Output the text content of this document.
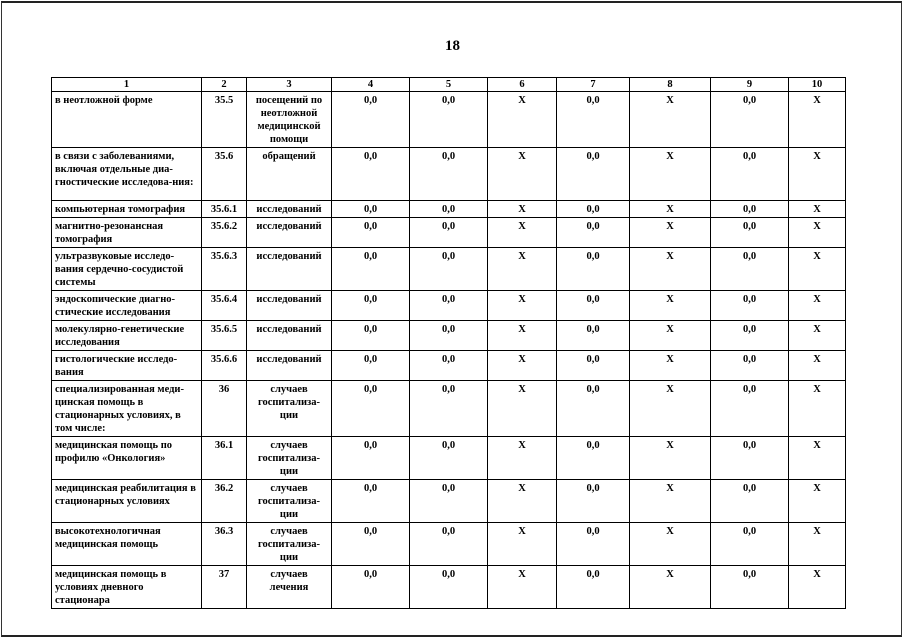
18
1	2	3	4	5	6	7	8	9	10
в неотложной форме	35.5	посещений по неотложной медицинской помощи	0,0	0,0	Х	0,0	Х	0,0	Х
в связи с заболеваниями, включая отдельные диа-гностические исследова-ния:	35.6	обращений	0,0	0,0	Х	0,0	Х	0,0	Х
компьютерная томография	35.6.1	исследований	0,0	0,0	Х	0,0	Х	0,0	Х
магнитно-резонансная томография	35.6.2	исследований	0,0	0,0	Х	0,0	Х	0,0	Х
ультразвуковые исследо-вания сердечно-сосудистой системы	35.6.3	исследований	0,0	0,0	Х	0,0	Х	0,0	Х
эндоскопические диагно-стические исследования	35.6.4	исследований	0,0	0,0	Х	0,0	Х	0,0	Х
молекулярно-генетические исследования	35.6.5	исследований	0,0	0,0	Х	0,0	Х	0,0	Х
гистологические исследо-вания	35.6.6	исследований	0,0	0,0	Х	0,0	Х	0,0	Х
специализированная меди-цинская помощь в стационарных условиях, в том числе:	36	случаев госпитализа-ции	0,0	0,0	Х	0,0	Х	0,0	Х
медицинская помощь по профилю «Онкология»	36.1	случаев госпитализа-ции	0,0	0,0	Х	0,0	Х	0,0	Х
медицинская реабилитация в стационарных условиях	36.2	случаев госпитализа-ции	0,0	0,0	Х	0,0	Х	0,0	Х
высокотехнологичная медицинская помощь	36.3	случаев госпитализа-ции	0,0	0,0	Х	0,0	Х	0,0	Х
медицинская помощь в условиях дневного стационара	37	случаев лечения	0,0	0,0	Х	0,0	Х	0,0	Х
